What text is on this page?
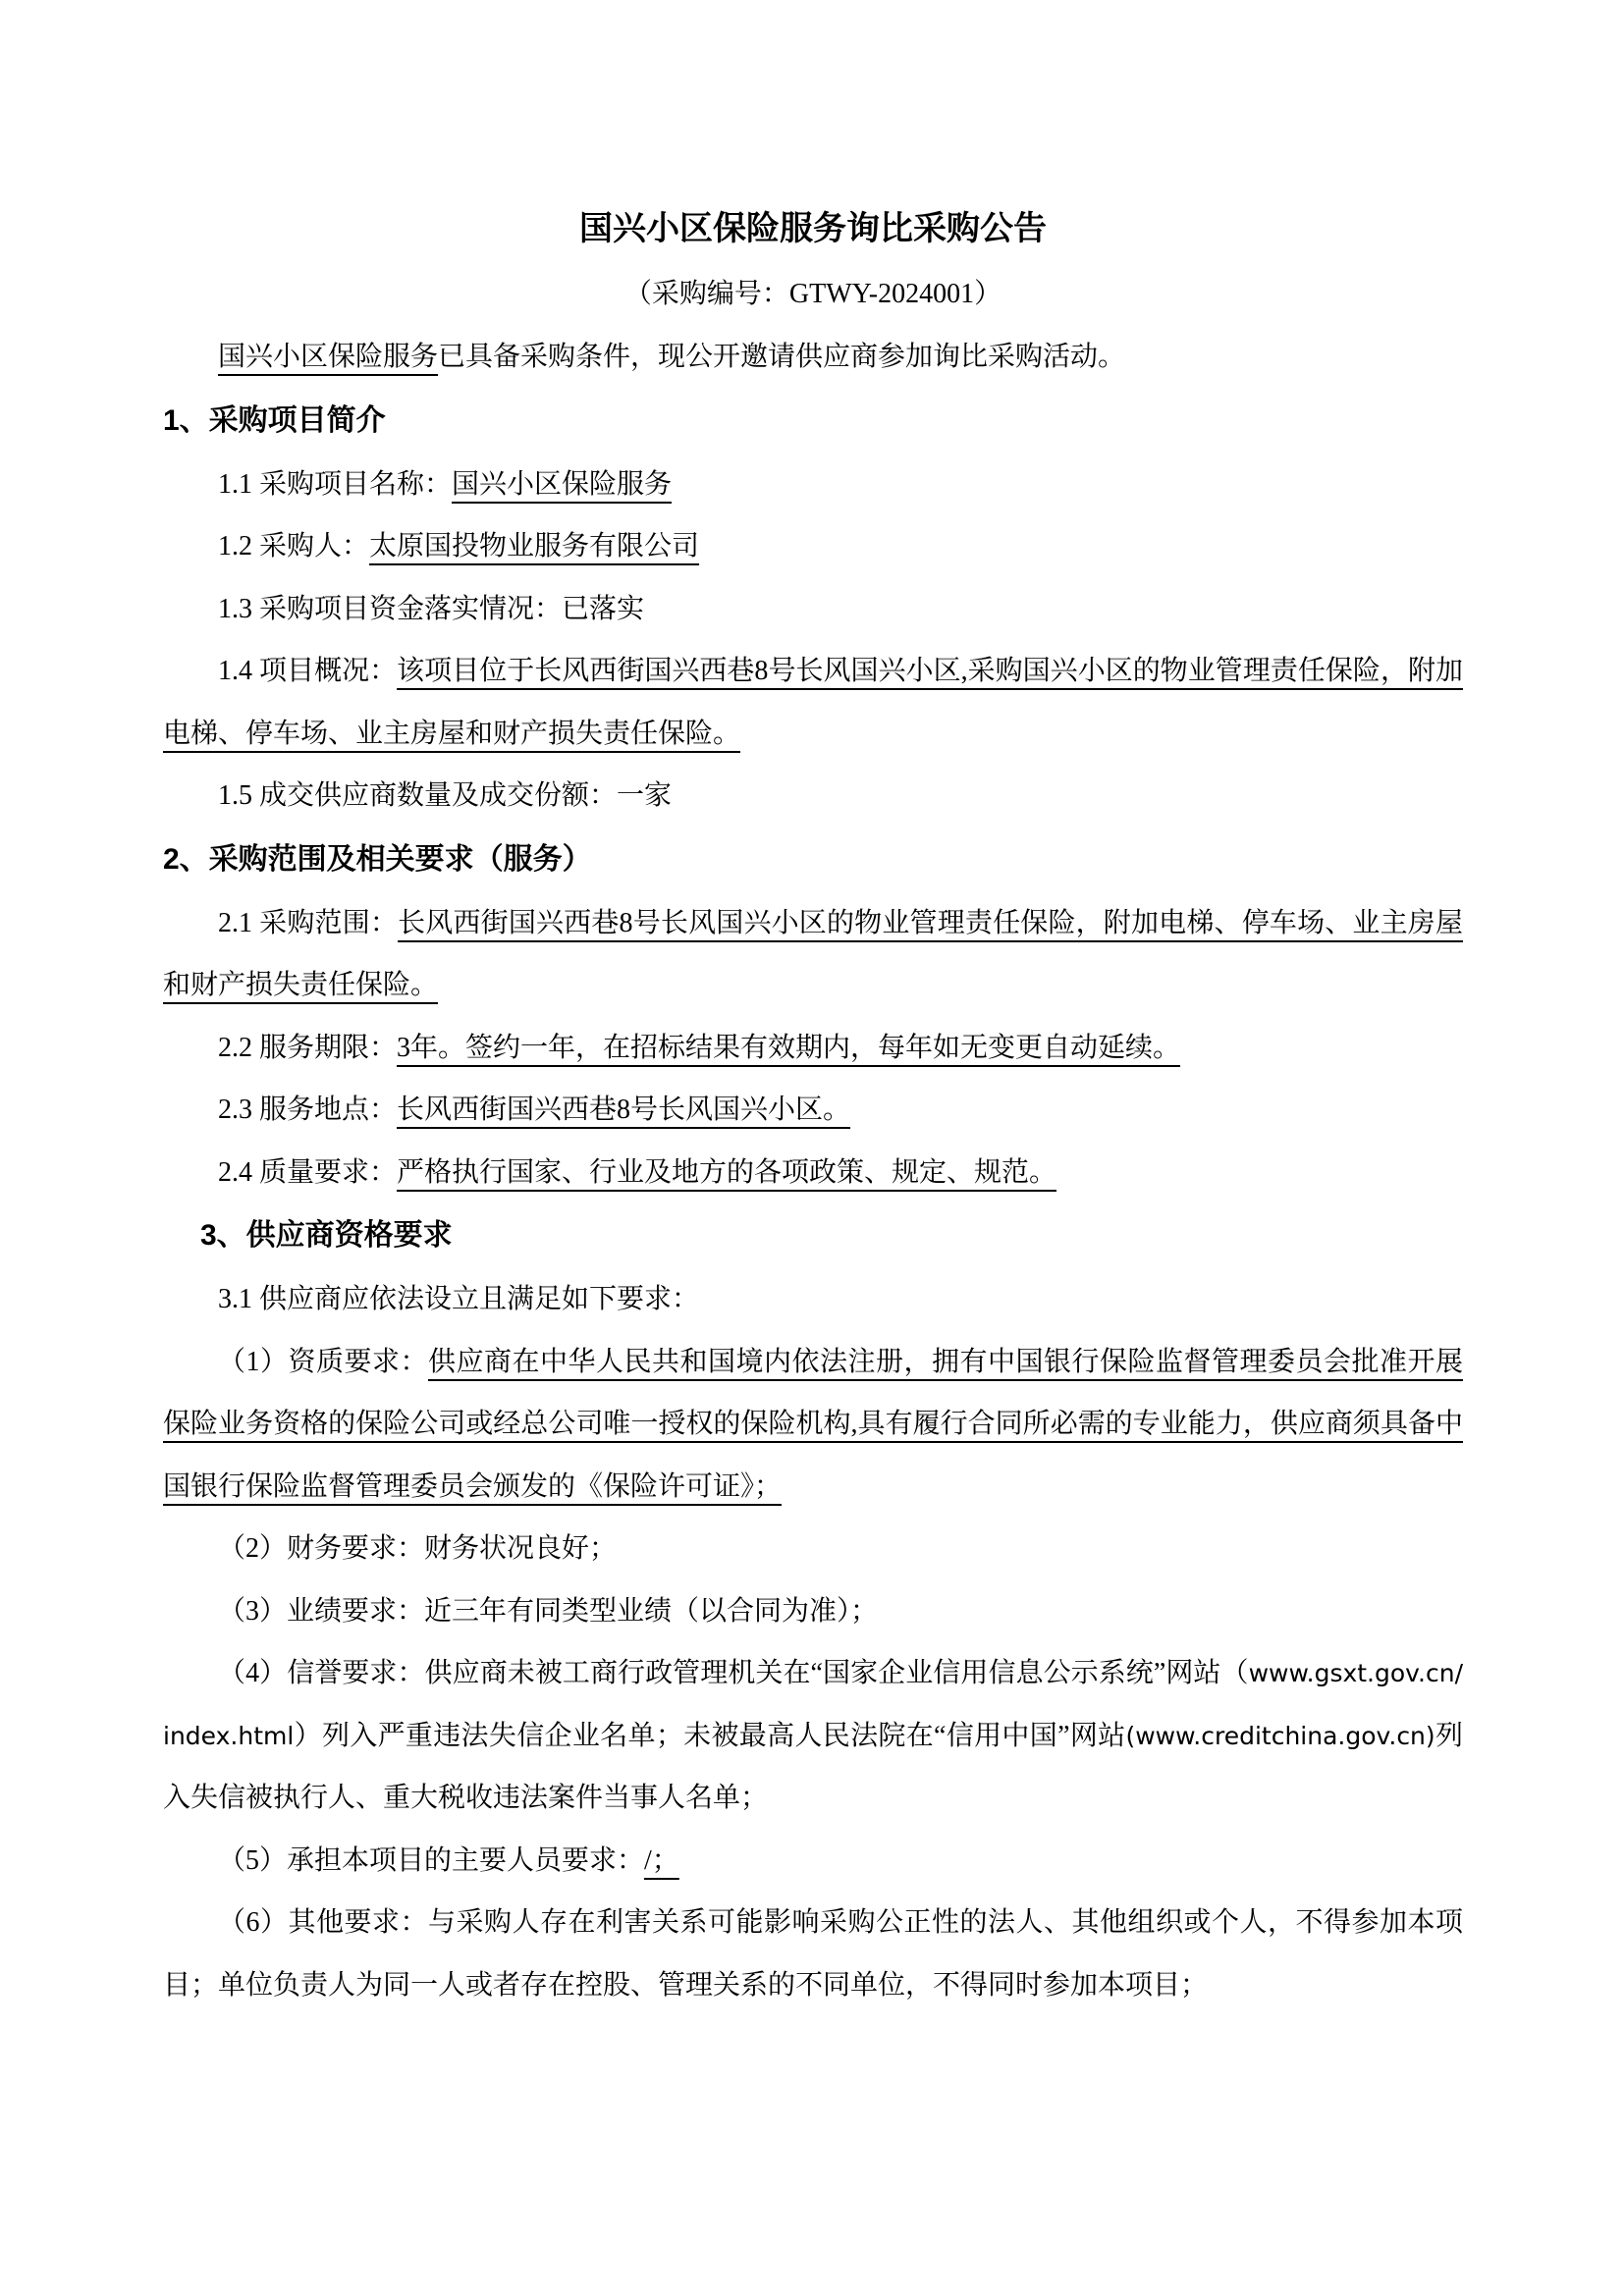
国兴小区保险服务询比采购公告

（采购编号：GTWY-2024001）

国兴小区保险服务已具备采购条件，现公开邀请供应商参加询比采购活动。

1、采购项目简介

1.1 采购项目名称：国兴小区保险服务

1.2 采购人：太原国投物业服务有限公司

1.3 采购项目资金落实情况：已落实

1.4 项目概况：该项目位于长风西街国兴西巷8号长风国兴小区,采购国兴小区的物业管理责任保险，附加电梯、停车场、业主房屋和财产损失责任保险。

1.5 成交供应商数量及成交份额：一家

2、采购范围及相关要求（服务）

2.1 采购范围：长风西街国兴西巷8号长风国兴小区的物业管理责任保险，附加电梯、停车场、业主房屋和财产损失责任保险。

2.2 服务期限：3年。签约一年，在招标结果有效期内，每年如无变更自动延续。

2.3 服务地点：长风西街国兴西巷8号长风国兴小区。

2.4 质量要求：严格执行国家、行业及地方的各项政策、规定、规范。

3、供应商资格要求

3.1 供应商应依法设立且满足如下要求：

（1）资质要求：供应商在中华人民共和国境内依法注册，拥有中国银行保险监督管理委员会批准开展保险业务资格的保险公司或经总公司唯一授权的保险机构,具有履行合同所必需的专业能力，供应商须具备中国银行保险监督管理委员会颁发的《保险许可证》；

（2）财务要求：财务状况良好；

（3）业绩要求：近三年有同类型业绩（以合同为准）；

（4）信誉要求：供应商未被工商行政管理机关在“国家企业信用信息公示系统”网站（www.gsxt.gov.cn/index.html）列入严重违法失信企业名单；未被最高人民法院在“信用中国”网站(www.creditchina.gov.cn)列入失信被执行人、重大税收违法案件当事人名单；

（5）承担本项目的主要人员要求：/；

（6）其他要求：与采购人存在利害关系可能影响采购公正性的法人、其他组织或个人，不得参加本项目；单位负责人为同一人或者存在控股、管理关系的不同单位，不得同时参加本项目；
